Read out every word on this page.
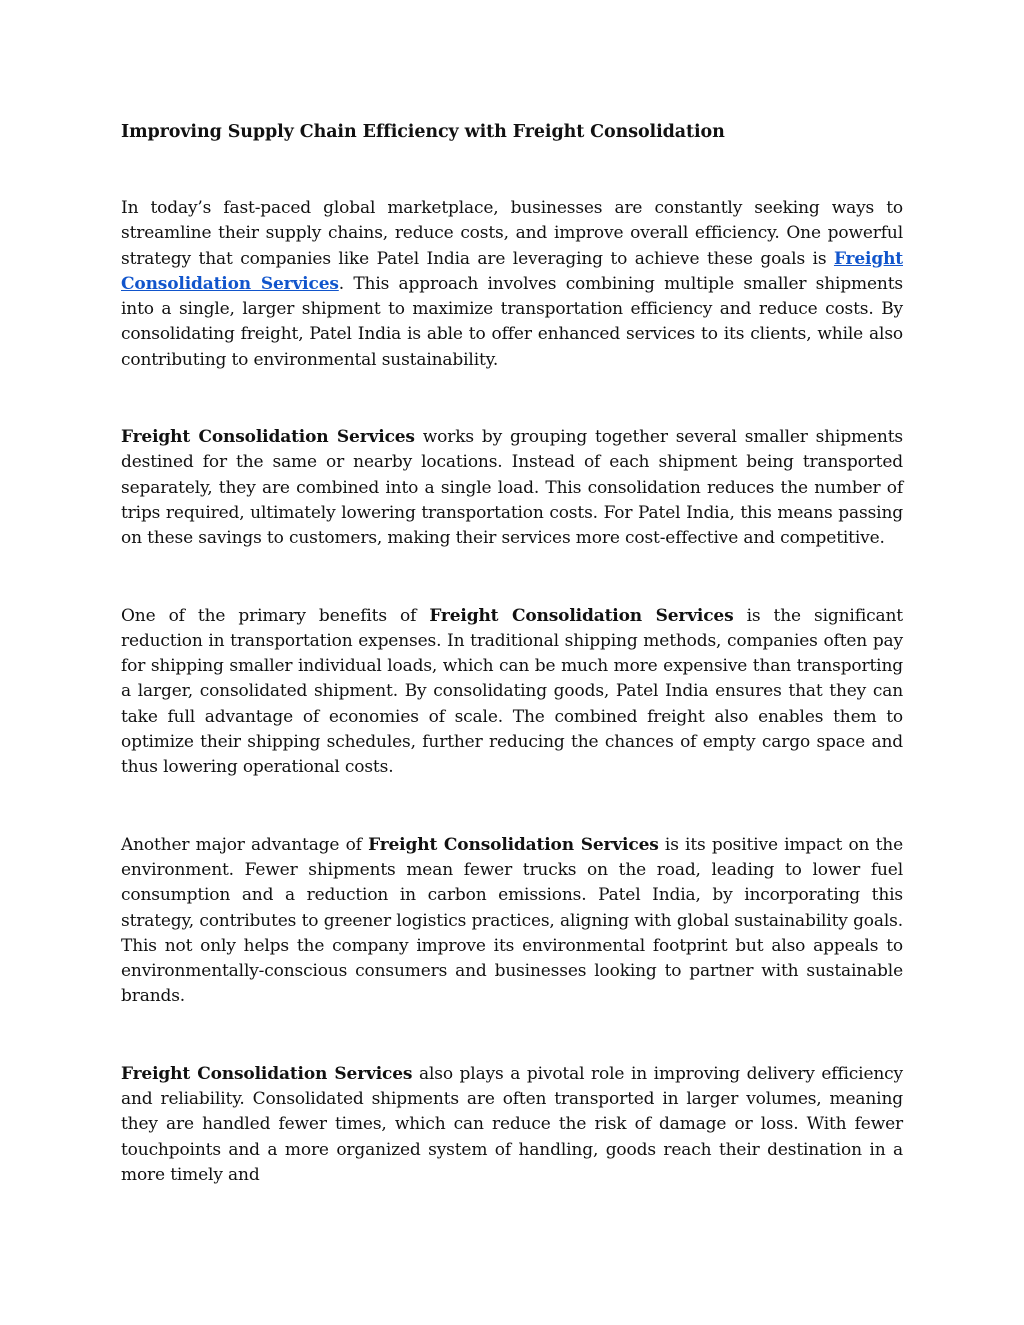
Improving Supply Chain Efficiency with Freight Consolidation

In today’s fast-paced global marketplace, businesses are constantly seeking ways to streamline their supply chains, reduce costs, and improve overall efficiency. One powerful strategy that companies like Patel India are leveraging to achieve these goals is Freight Consolidation Services. This approach involves combining multiple smaller shipments into a single, larger shipment to maximize transportation efficiency and reduce costs. By consolidating freight, Patel India is able to offer enhanced services to its clients, while also contributing to environmental sustainability.

Freight Consolidation Services works by grouping together several smaller shipments destined for the same or nearby locations. Instead of each shipment being transported separately, they are combined into a single load. This consolidation reduces the number of trips required, ultimately lowering transportation costs. For Patel India, this means passing on these savings to customers, making their services more cost-effective and competitive.

One of the primary benefits of Freight Consolidation Services is the significant reduction in transportation expenses. In traditional shipping methods, companies often pay for shipping smaller individual loads, which can be much more expensive than transporting a larger, consolidated shipment. By consolidating goods, Patel India ensures that they can take full advantage of economies of scale. The combined freight also enables them to optimize their shipping schedules, further reducing the chances of empty cargo space and thus lowering operational costs.

Another major advantage of Freight Consolidation Services is its positive impact on the environment. Fewer shipments mean fewer trucks on the road, leading to lower fuel consumption and a reduction in carbon emissions. Patel India, by incorporating this strategy, contributes to greener logistics practices, aligning with global sustainability goals. This not only helps the company improve its environmental footprint but also appeals to environmentally-conscious consumers and businesses looking to partner with sustainable brands.

Freight Consolidation Services also plays a pivotal role in improving delivery efficiency and reliability. Consolidated shipments are often transported in larger volumes, meaning they are handled fewer times, which can reduce the risk of damage or loss. With fewer touchpoints and a more organized system of handling, goods reach their destination in a more timely and
